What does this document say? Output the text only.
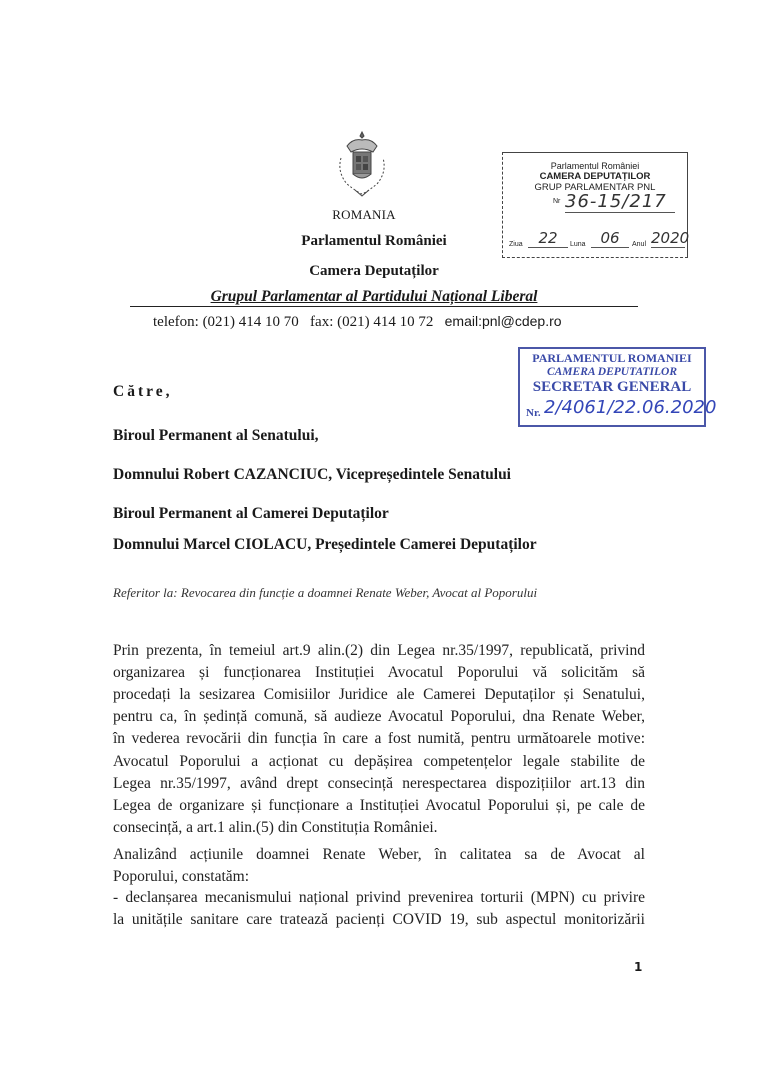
ROMANIA
Parlamentul României
Camera Deputaților
Grupul Parlamentar al Partidului Național Liberal
telefon: (021) 414 10 70   fax: (021) 414 10 72   email:pnl@cdep.ro
Parlamentul României
CAMERA DEPUTAȚILOR
GRUP PARLAMENTAR PNL
Nr 36-15/217
Ziua	22	Luna 06	Anul 2020
PARLAMENTUL ROMANIEI
CAMERA DEPUTATILOR
SECRETAR GENERAL
Nr. 2/4061/22.06.2020
Către,
Biroul Permanent al Senatului,
Domnului Robert CAZANCIUC, Vicepreședintele Senatului
Biroul Permanent al Camerei Deputaților
Domnului Marcel CIOLACU, Președintele Camerei Deputaților
Referitor la: Revocarea din funcție a doamnei Renate Weber, Avocat al Poporului
Prin prezenta, în temeiul art.9 alin.(2) din Legea nr.35/1997, republicată, privind
organizarea și funcționarea Instituției Avocatul Poporului vă solicităm să
procedați la sesizarea Comisiilor Juridice ale Camerei Deputaților și Senatului,
pentru ca, în ședință comună, să audieze Avocatul Poporului, dna Renate Weber,
în vederea revocării din funcția în care a fost numită, pentru următoarele motive:
Avocatul Poporului a acționat cu depășirea competențelor legale stabilite de
Legea nr.35/1997, având drept consecință nerespectarea dispozițiilor art.13 din
Legea de organizare și funcționare a Instituției Avocatul Poporului și, pe cale de
consecință, a art.1 alin.(5) din Constituția României.
Analizând acțiunile doamnei Renate Weber, în calitatea sa de Avocat al
Poporului, constatăm:
- declanșarea mecanismului național privind prevenirea torturii (MPN) cu privire
la unitățile sanitare care tratează pacienți COVID 19, sub aspectul monitorizării
1
